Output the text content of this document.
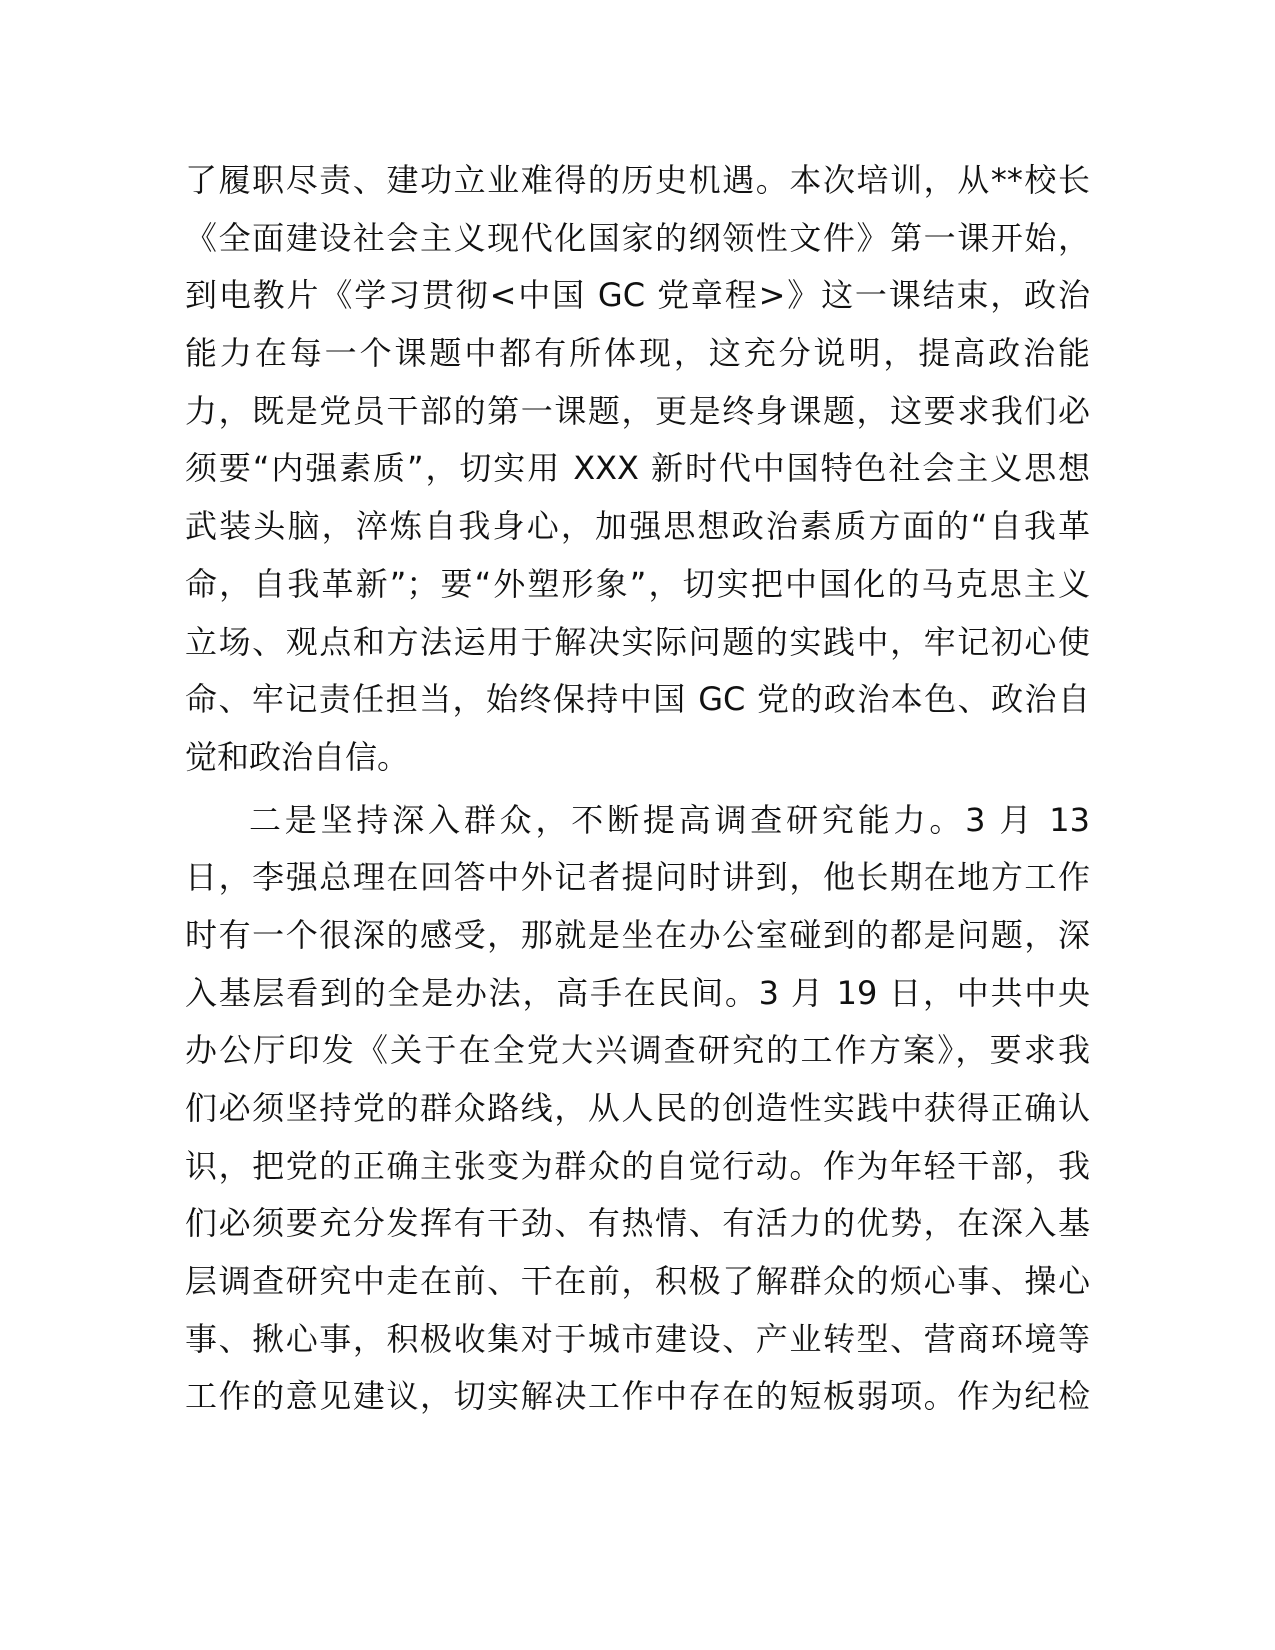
了履职尽责、建功立业难得的历史机遇。本次培训，从**校长
《全面建设社会主义现代化国家的纲领性文件》第一课开始，
到电教片《学习贯彻<中国 GC 党章程>》这一课结束，政治
能力在每一个课题中都有所体现，这充分说明，提高政治能
力，既是党员干部的第一课题，更是终身课题，这要求我们必
须要“内强素质”，切实用 XXX 新时代中国特色社会主义思想
武装头脑，淬炼自我身心，加强思想政治素质方面的“自我革
命，自我革新”；要“外塑形象”，切实把中国化的马克思主义
立场、观点和方法运用于解决实际问题的实践中，牢记初心使
命、牢记责任担当，始终保持中国 GC 党的政治本色、政治自
觉和政治自信。
二是坚持深入群众，不断提高调查研究能力。3 月 13
日，李强总理在回答中外记者提问时讲到，他长期在地方工作
时有一个很深的感受，那就是坐在办公室碰到的都是问题，深
入基层看到的全是办法，高手在民间。3 月 19 日，中共中央
办公厅印发《关于在全党大兴调查研究的工作方案》，要求我
们必须坚持党的群众路线，从人民的创造性实践中获得正确认
识，把党的正确主张变为群众的自觉行动。作为年轻干部，我
们必须要充分发挥有干劲、有热情、有活力的优势，在深入基
层调查研究中走在前、干在前，积极了解群众的烦心事、操心
事、揪心事，积极收集对于城市建设、产业转型、营商环境等
工作的意见建议，切实解决工作中存在的短板弱项。作为纪检
